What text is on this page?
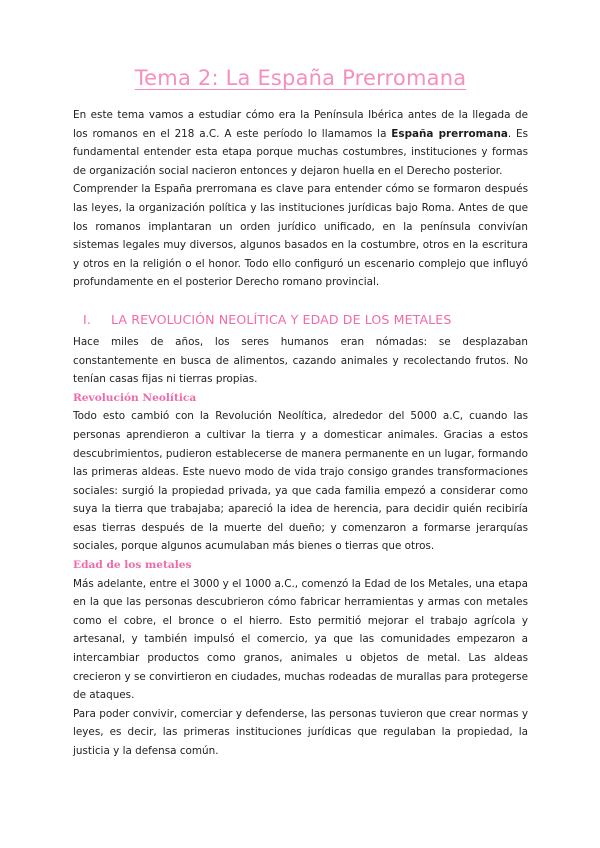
Tema 2: La España Prerromana

En este tema vamos a estudiar cómo era la Península Ibérica antes de la llegada de los romanos en el 218 a.C. A este período lo llamamos la España prerromana. Es fundamental entender esta etapa porque muchas costumbres, instituciones y formas de organización social nacieron entonces y dejaron huella en el Derecho posterior.

Comprender la España prerromana es clave para entender cómo se formaron después las leyes, la organización política y las instituciones jurídicas bajo Roma. Antes de que los romanos implantaran un orden jurídico unificado, en la península convivían sistemas legales muy diversos, algunos basados en la costumbre, otros en la escritura y otros en la religión o el honor. Todo ello configuró un escenario complejo que influyó profundamente en el posterior Derecho romano provincial.

I.	LA REVOLUCIÓN NEOLÍTICA Y EDAD DE LOS METALES

Hace miles de años, los seres humanos eran nómadas: se desplazaban constantemente en busca de alimentos, cazando animales y recolectando frutos. No tenían casas fijas ni tierras propias.

Revolución Neolítica

Todo esto cambió con la Revolución Neolítica, alrededor del 5000 a.C, cuando las personas aprendieron a cultivar la tierra y a domesticar animales. Gracias a estos descubrimientos, pudieron establecerse de manera permanente en un lugar, formando las primeras aldeas. Este nuevo modo de vida trajo consigo grandes transformaciones sociales: surgió la propiedad privada, ya que cada familia empezó a considerar como suya la tierra que trabajaba; apareció la idea de herencia, para decidir quién recibiría esas tierras después de la muerte del dueño; y comenzaron a formarse jerarquías sociales, porque algunos acumulaban más bienes o tierras que otros.

Edad de los metales

Más adelante, entre el 3000 y el 1000 a.C., comenzó la Edad de los Metales, una etapa en la que las personas descubrieron cómo fabricar herramientas y armas con metales como el cobre, el bronce o el hierro. Esto permitió mejorar el trabajo agrícola y artesanal, y también impulsó el comercio, ya que las comunidades empezaron a intercambiar productos como granos, animales u objetos de metal. Las aldeas crecieron y se convirtieron en ciudades, muchas rodeadas de murallas para protegerse de ataques.

Para poder convivir, comerciar y defenderse, las personas tuvieron que crear normas y leyes, es decir, las primeras instituciones jurídicas que regulaban la propiedad, la justicia y la defensa común.
